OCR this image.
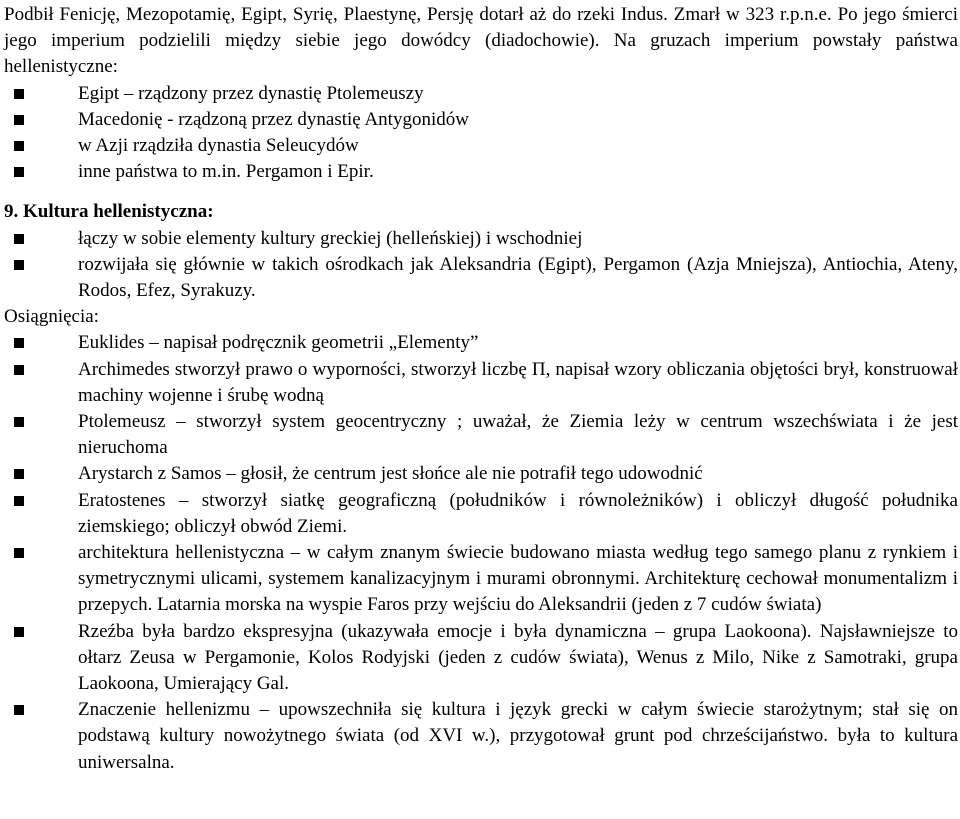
Podbił Fenicję, Mezopotamię, Egipt, Syrię, Plaestynę, Persję dotarł aż do rzeki Indus. Zmarł w 323 r.p.n.e. Po jego śmierci jego imperium podzielili między siebie jego dowódcy (diadochowie). Na gruzach imperium powstały państwa hellenistyczne:

Egipt – rządzony przez dynastię Ptolemeuszy
Macedonię - rządzoną przez dynastię Antygonidów
w Azji rządziła dynastia Seleucydów
inne państwa to m.in. Pergamon i Epir.

9. Kultura hellenistyczna:

łączy w sobie elementy kultury greckiej (helleńskiej) i wschodniej
rozwijała się głównie w takich ośrodkach jak Aleksandria (Egipt), Pergamon (Azja Mniejsza), Antiochia, Ateny, Rodos, Efez, Syrakuzy.

Osiągnięcia:

Euklides – napisał podręcznik geometrii „Elementy”
Archimedes stworzył prawo o wyporności, stworzył liczbę Π, napisał wzory obliczania objętości brył, konstruował machiny wojenne i śrubę wodną
Ptolemeusz – stworzył system geocentryczny ; uważał, że Ziemia leży w centrum wszechświata i że jest nieruchoma
Arystarch z Samos – głosił, że centrum jest słońce ale nie potrafił tego udowodnić
Eratostenes – stworzył siatkę geograficzną (południków i równoleżników) i obliczył długość południka ziemskiego; obliczył obwód Ziemi.
architektura hellenistyczna – w całym znanym świecie budowano miasta według tego samego planu z rynkiem i symetrycznymi ulicami, systemem kanalizacyjnym i murami obronnymi. Architekturę cechował monumentalizm i przepych. Latarnia morska na wyspie Faros przy wejściu do Aleksandrii (jeden z 7 cudów świata)
Rzeźba była bardzo ekspresyjna (ukazywała emocje i była dynamiczna – grupa Laokoona). Najsławniejsze to ołtarz Zeusa w Pergamonie, Kolos Rodyjski (jeden z cudów świata), Wenus z Milo, Nike z Samotraki, grupa Laokoona, Umierający Gal.
Znaczenie hellenizmu – upowszechniła się kultura i język grecki w całym świecie starożytnym; stał się on podstawą kultury nowożytnego świata (od XVI w.), przygotował grunt pod chrześcijaństwo. była to kultura uniwersalna.
